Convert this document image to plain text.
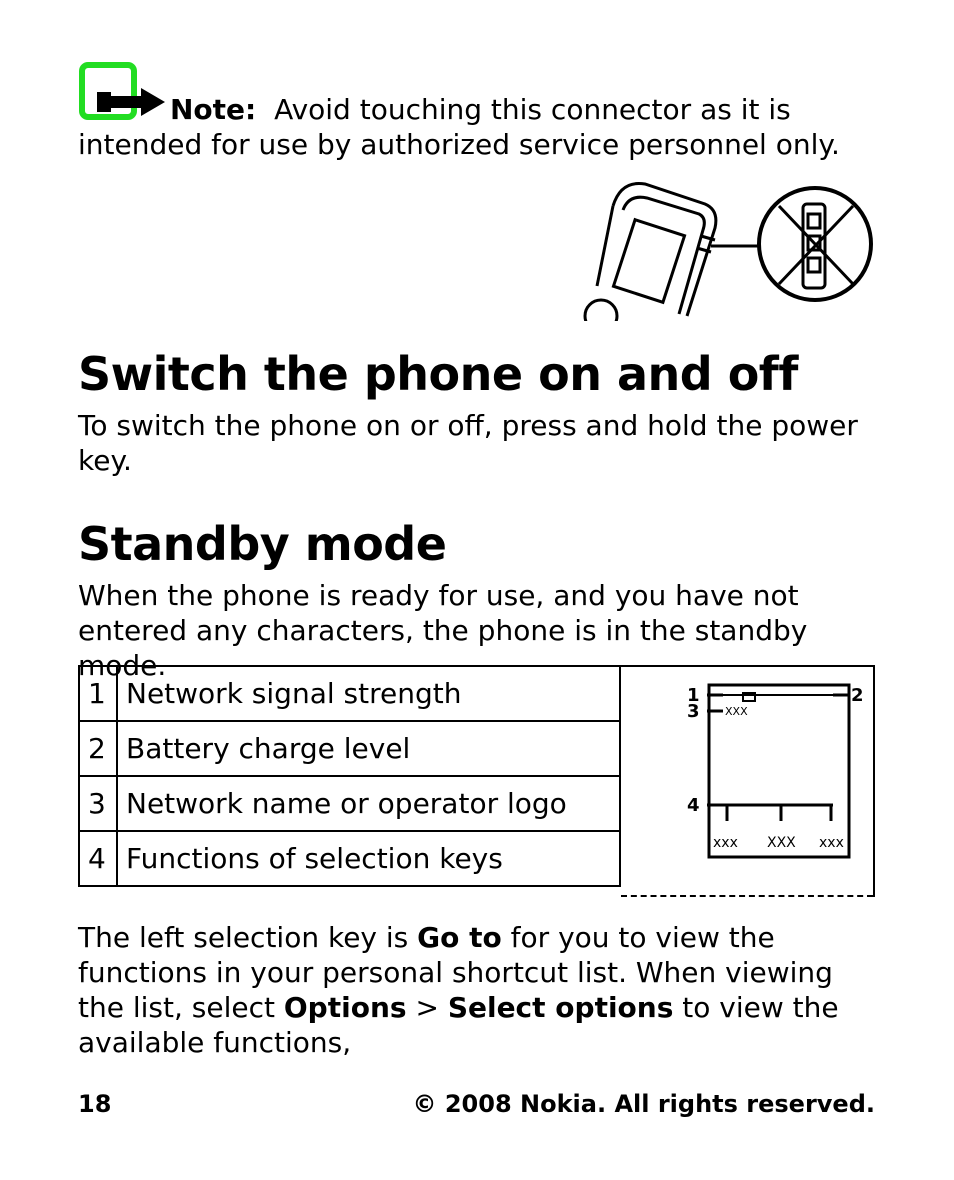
Note: Avoid touching this connector as it is intended for use by authorized service personnel only.
Switch the phone on and off
To switch the phone on or off, press and hold the power key.
Standby mode
When the phone is ready for use, and you have not entered any characters, the phone is in the standby mode.
1	Network signal strength
2	Battery charge level
3	Network name or operator logo
4	Functions of selection keys
1	2
3
4
XXX
xxx XXX xxx
The left selection key is Go to for you to view the functions in your personal shortcut list. When viewing the list, select Options > Select options to view the available functions,
18	© 2008 Nokia. All rights reserved.
